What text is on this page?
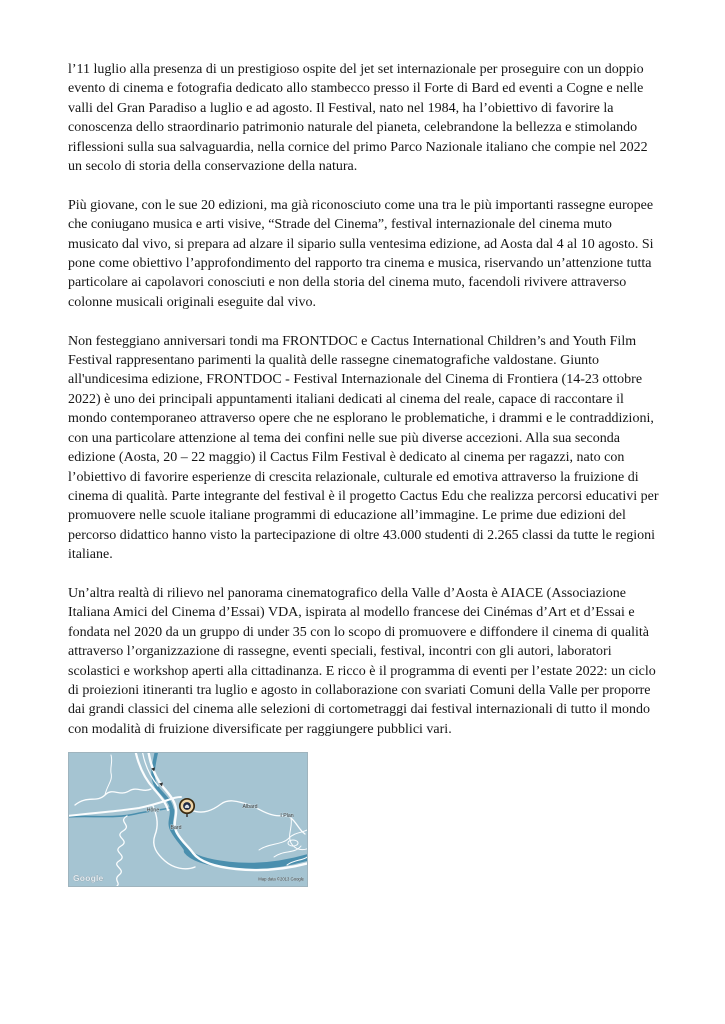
l’11 luglio alla presenza di un prestigioso ospite del jet set internazionale per proseguire con un doppio evento di cinema e fotografia dedicato allo stambecco presso il Forte di Bard ed eventi a Cogne e nelle valli del Gran Paradiso a luglio e ad agosto. Il Festival, nato nel 1984, ha l’obiettivo di favorire la conoscenza dello straordinario patrimonio naturale del pianeta, celebrandone la bellezza e stimolando riflessioni sulla sua salvaguardia, nella cornice del primo Parco Nazionale italiano che compie nel 2022 un secolo di storia della conservazione della natura.

Più giovane, con le sue 20 edizioni, ma già riconosciuto come una tra le più importanti rassegne europee che coniugano musica e arti visive, “Strade del Cinema”, festival internazionale del cinema muto musicato dal vivo, si prepara ad alzare il sipario sulla ventesima edizione, ad Aosta dal 4 al 10 agosto. Si pone come obiettivo l’approfondimento del rapporto tra cinema e musica, riservando un’attenzione tutta particolare ai capolavori conosciuti e non della storia del cinema muto, facendoli rivivere attraverso colonne musicali originali eseguite dal vivo.

Non festeggiano anniversari tondi ma FRONTDOC e Cactus International Children’s and Youth Film Festival rappresentano parimenti la qualità delle rassegne cinematografiche valdostane. Giunto all'undicesima edizione, FRONTDOC - Festival Internazionale del Cinema di Frontiera (14-23 ottobre 2022) è uno dei principali appuntamenti italiani dedicati al cinema del reale, capace di raccontare il mondo contemporaneo attraverso opere che ne esplorano le problematiche, i drammi e le contraddizioni, con una particolare attenzione al tema dei confini nelle sue più diverse accezioni. Alla sua seconda edizione (Aosta, 20 – 22 maggio) il Cactus Film Festival è dedicato al cinema per ragazzi, nato con l’obiettivo di favorire esperienze di crescita relazionale, culturale ed emotiva attraverso la fruizione di cinema di qualità. Parte integrante del festival è il progetto Cactus Edu che realizza percorsi educativi per promuovere nelle scuole italiane programmi di educazione all’immagine. Le prime due edizioni del percorso didattico hanno visto la partecipazione di oltre 43.000 studenti di 2.265 classi da tutte le regioni italiane.

Un’altra realtà di rilievo nel panorama cinematografico della Valle d’Aosta è AIACE (Associazione Italiana Amici del Cinema d’Essai) VDA, ispirata al modello francese dei Cinémas d’Art et d’Essai e fondata nel 2020 da un gruppo di under 35 con lo scopo di promuovere e diffondere il cinema di qualità attraverso l’organizzazione di rassegne, eventi speciali, festival, incontri con gli autori, laboratori scolastici e workshop aperti alla cittadinanza. E ricco è il programma di eventi per l’estate 2022: un ciclo di proiezioni itineranti tra luglio e agosto in collaborazione con svariati Comuni della Valle per proporre dai grandi classici del cinema alle selezioni di cortometraggi dai festival internazionali di tutto il mondo con modalità di fruizione diversificate per raggiungere pubblici vari.

Hône
Bard
Albard
I Plan
Google	Map data ©2013 Google
